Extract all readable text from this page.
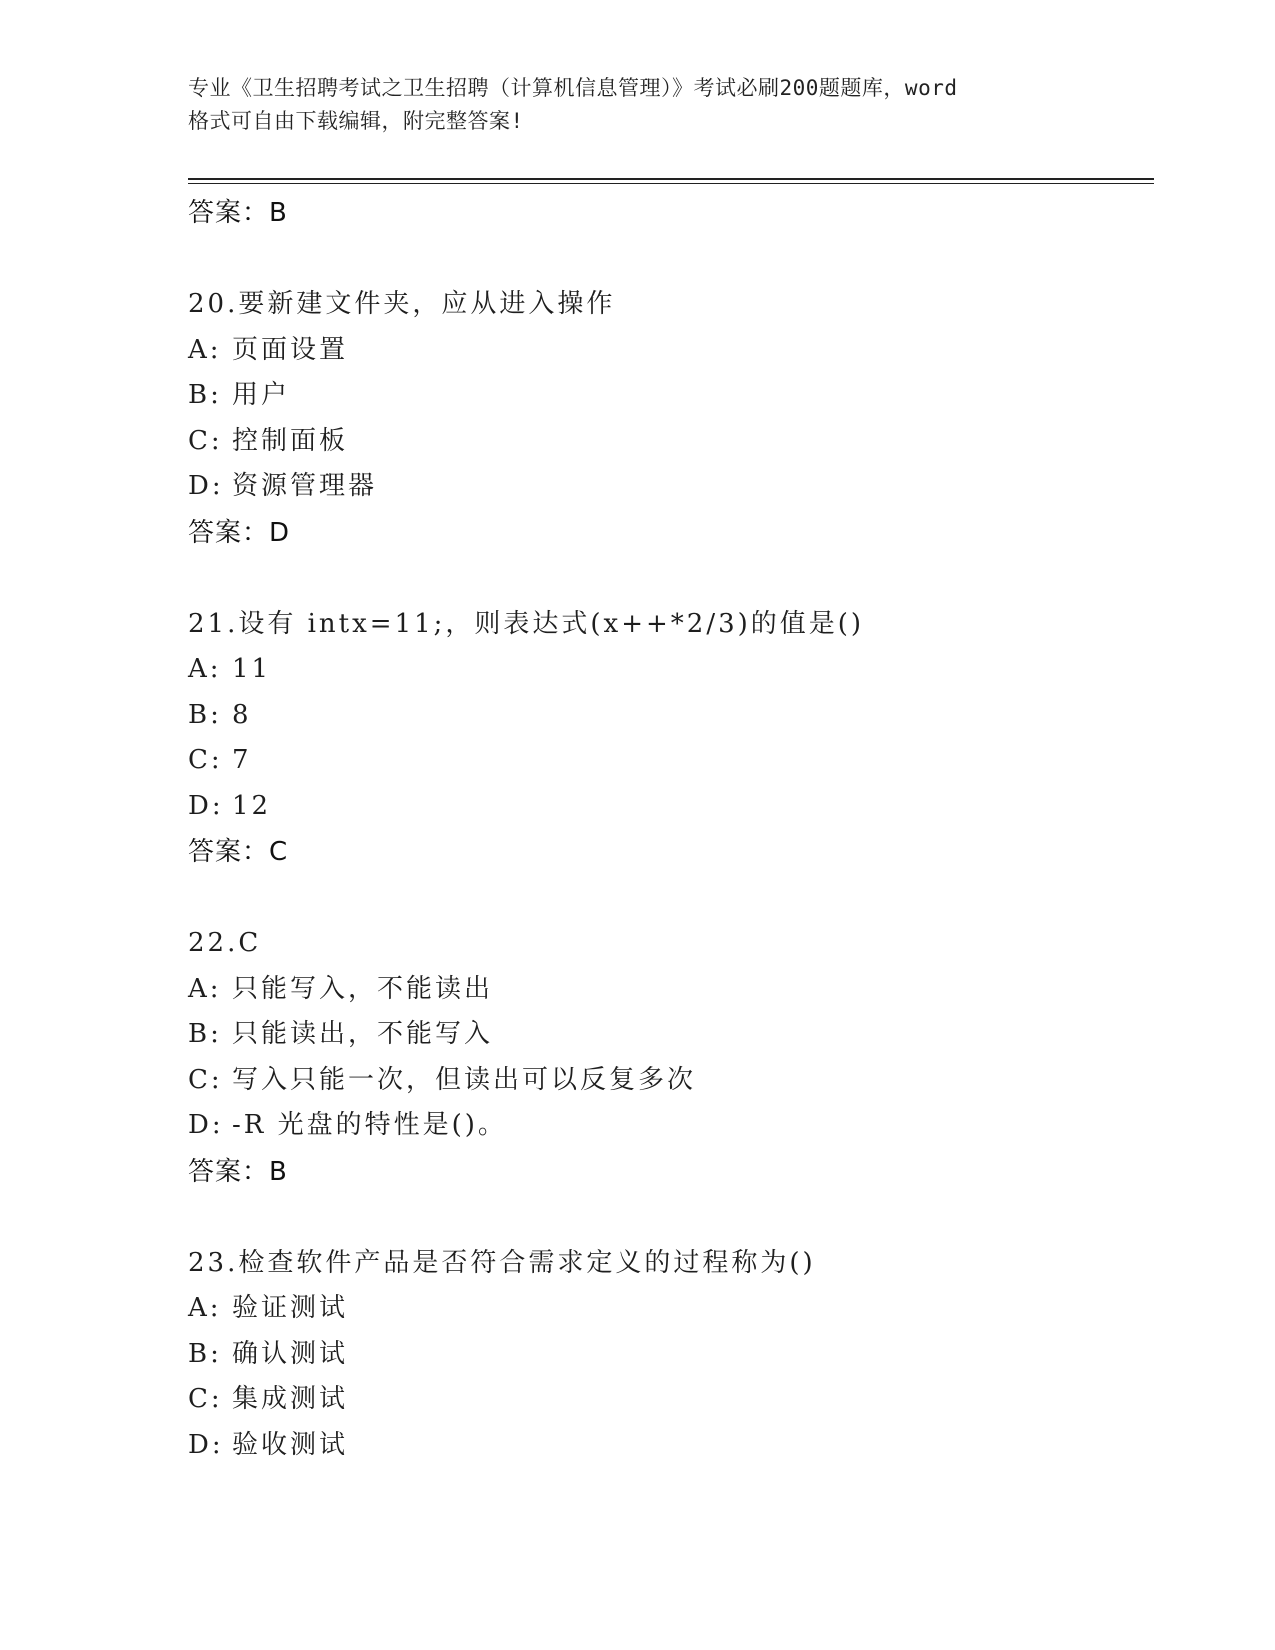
专业《卫生招聘考试之卫生招聘（计算机信息管理）》考试必刷200题题库，word
格式可自由下载编辑，附完整答案!
答案：B
20.要新建文件夹，应从进入操作
A: 页面设置
B: 用户
C: 控制面板
D: 资源管理器
答案：D
21.设有 intx=11;，则表达式(x++*2/3)的值是()
A: 11
B: 8
C: 7
D: 12
答案：C
22.C
A: 只能写入，不能读出
B: 只能读出，不能写入
C: 写入只能一次，但读出可以反复多次
D: -R 光盘的特性是()。
答案：B
23.检查软件产品是否符合需求定义的过程称为()
A: 验证测试
B: 确认测试
C: 集成测试
D: 验收测试
